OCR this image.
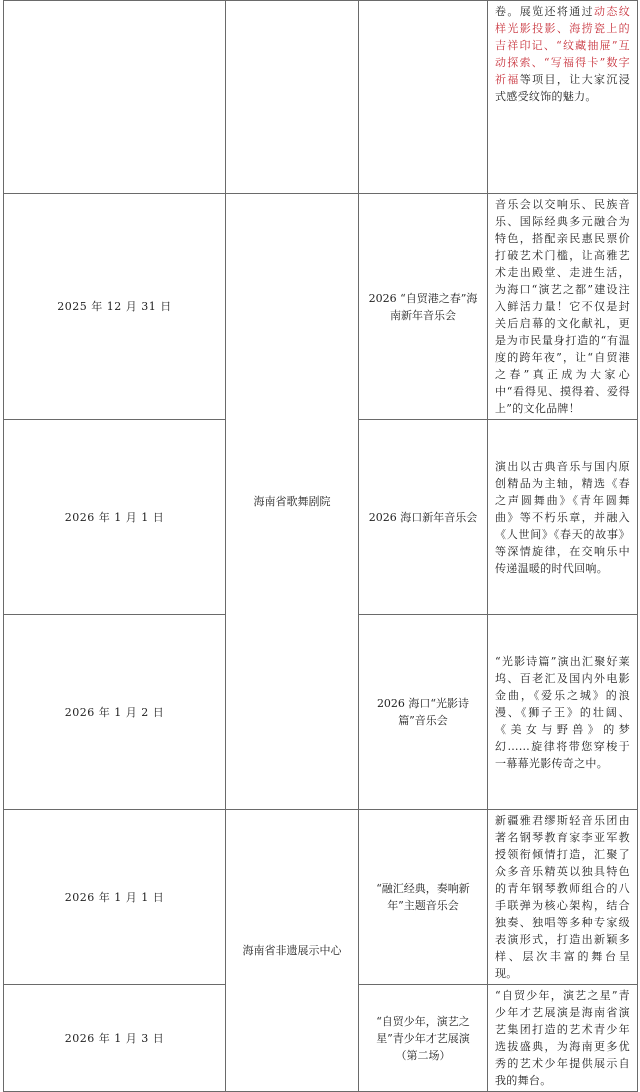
			卷。展览还将通过动态纹样光影投影、海捞瓷上的吉祥印记、“纹藏抽屉”互动探索、“写福得卡”数字祈福等项目，让大家沉浸式感受纹饰的魅力。
2025 年 12 月 31 日	海南省歌舞剧院	2026 “自贸港之春”海南新年音乐会	音乐会以交响乐、民族音乐、国际经典多元融合为特色，搭配亲民惠民票价打破艺术门槛，让高雅艺术走出殿堂、走进生活，为海口“演艺之都”建设注入鲜活力量！它不仅是封关后启幕的文化献礼，更是为市民量身打造的“有温度的跨年夜”，让“自贸港之春”真正成为大家心中“看得见、摸得着、爱得上”的文化品牌！
2026 年 1 月 1 日		2026 海口新年音乐会	演出以古典音乐与国内原创精品为主轴，精选《春之声圆舞曲》《青年圆舞曲》等不朽乐章，并融入《人世间》《春天的故事》等深情旋律，在交响乐中传递温暖的时代回响。
2026 年 1 月 2 日		2026 海口“光影诗篇”音乐会	“光影诗篇”演出汇聚好莱坞、百老汇及国内外电影金曲，《爱乐之城》的浪漫、《狮子王》的壮阔、《美女与野兽》的梦幻……旋律将带您穿梭于一幕幕光影传奇之中。
2026 年 1 月 1 日	海南省非遗展示中心	“融汇经典，奏响新年”主题音乐会	新疆雅君缪斯轻音乐团由著名钢琴教育家李亚军教授领衔倾情打造，汇聚了众多音乐精英以独具特色的青年钢琴教师组合的八手联弹为核心架构，结合独奏、独唱等多种专家级表演形式，打造出新颖多样、层次丰富的舞台呈现。
2026 年 1 月 3 日		“自贸少年，演艺之星”青少年才艺展演（第二场）	“自贸少年，演艺之星”青少年才艺展演是海南省演艺集团打造的艺术青少年选拔盛典，为海南更多优秀的艺术少年提供展示自我的舞台。
